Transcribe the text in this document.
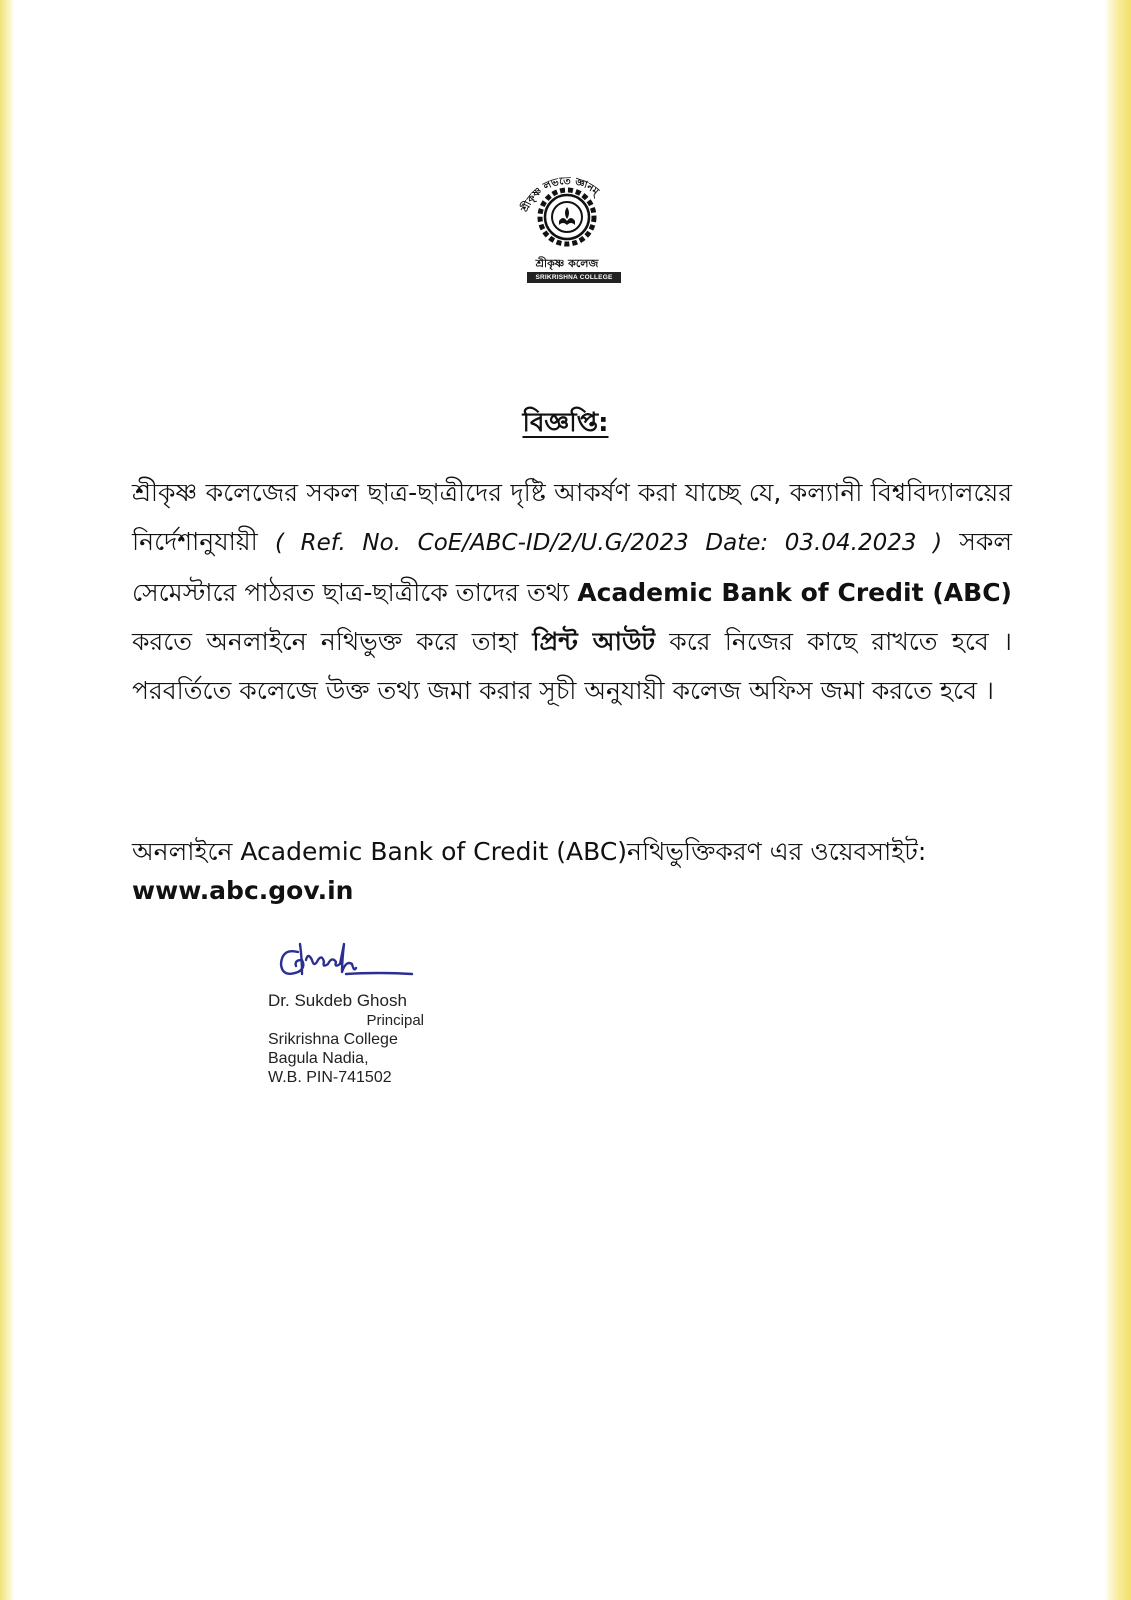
শ্রীকৃষ্ণ লভতে জ্ঞানম্
শ্রীকৃষ্ণ কলেজ
SRIKRISHNA COLLEGE
বিজ্ঞপ্তি:
শ্রীকৃষ্ণ কলেজের সকল ছাত্র-ছাত্রীদের দৃষ্টি আকর্ষণ করা যাচ্ছে যে, কল্যানী বিশ্ববিদ্যালয়ের নির্দেশানুযায়ী ( Ref. No. CoE/ABC-ID/2/U.G/2023 Date: 03.04.2023 ) সকল সেমেস্টারে পাঠরত ছাত্র-ছাত্রীকে তাদের তথ্য Academic Bank of Credit (ABC) করতে অনলাইনে নথিভুক্ত করে তাহা প্রিন্ট আউট করে নিজের কাছে রাখতে হবে । পরবর্তিতে কলেজে উক্ত তথ্য জমা করার সূচী অনুযায়ী কলেজ অফিস জমা করতে হবে ।
অনলাইনে Academic Bank of Credit (ABC)নথিভুক্তিকরণ এর ওয়েবসাইট:
www.abc.gov.in
Dr. Sukdeb Ghosh
Principal
Srikrishna College
Bagula Nadia,
W.B. PIN-741502
